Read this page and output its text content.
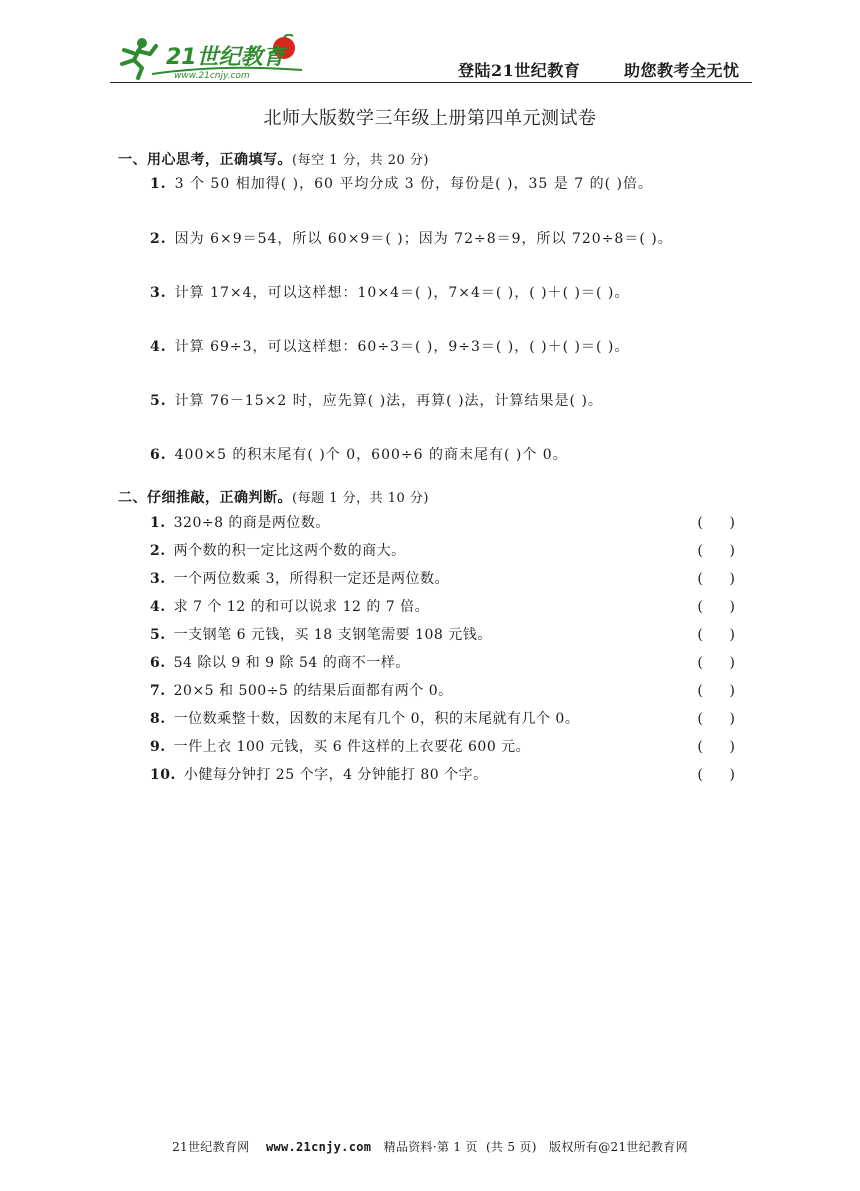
21世纪教育
www.21cnjy.com	登陆21世纪教育	助您教考全无忧
北师大版数学三年级上册第四单元测试卷
一、用心思考，正确填写。(每空 1 分，共 20 分)
1. 3 个 50 相加得( )，60 平均分成 3 份，每份是( )，35 是 7 的( )倍。
2. 因为 6×9＝54，所以 60×9＝( )；因为 72÷8＝9，所以 720÷8＝( )。
3. 计算 17×4，可以这样想：10×4＝( )，7×4＝( )，( )＋( )＝( )。
4. 计算 69÷3，可以这样想：60÷3＝( )，9÷3＝( )，( )＋( )＝( )。
5. 计算 76－15×2 时，应先算( )法，再算( )法，计算结果是( )。
6. 400×5 的积末尾有( )个 0，600÷6 的商末尾有( )个 0。
二、仔细推敲，正确判断。(每题 1 分，共 10 分)
1. 320÷8 的商是两位数。	(      )
2. 两个数的积一定比这两个数的商大。	(      )
3. 一个两位数乘 3，所得积一定还是两位数。	(      )
4. 求 7 个 12 的和可以说求 12 的 7 倍。	(      )
5. 一支钢笔 6 元钱，买 18 支钢笔需要 108 元钱。	(      )
6. 54 除以 9 和 9 除 54 的商不一样。	(      )
7. 20×5 和 500÷5 的结果后面都有两个 0。	(      )
8. 一位数乘整十数，因数的末尾有几个 0，积的末尾就有几个 0。	(      )
9. 一件上衣 100 元钱，买 6 件这样的上衣要花 600 元。	(      )
10. 小健每分钟打 25 个字，4 分钟能打 80 个字。	(      )
21世纪教育网 www.21cnjy.com 精品资料·第 1 页  (共 5 页) 版权所有@21世纪教育网
